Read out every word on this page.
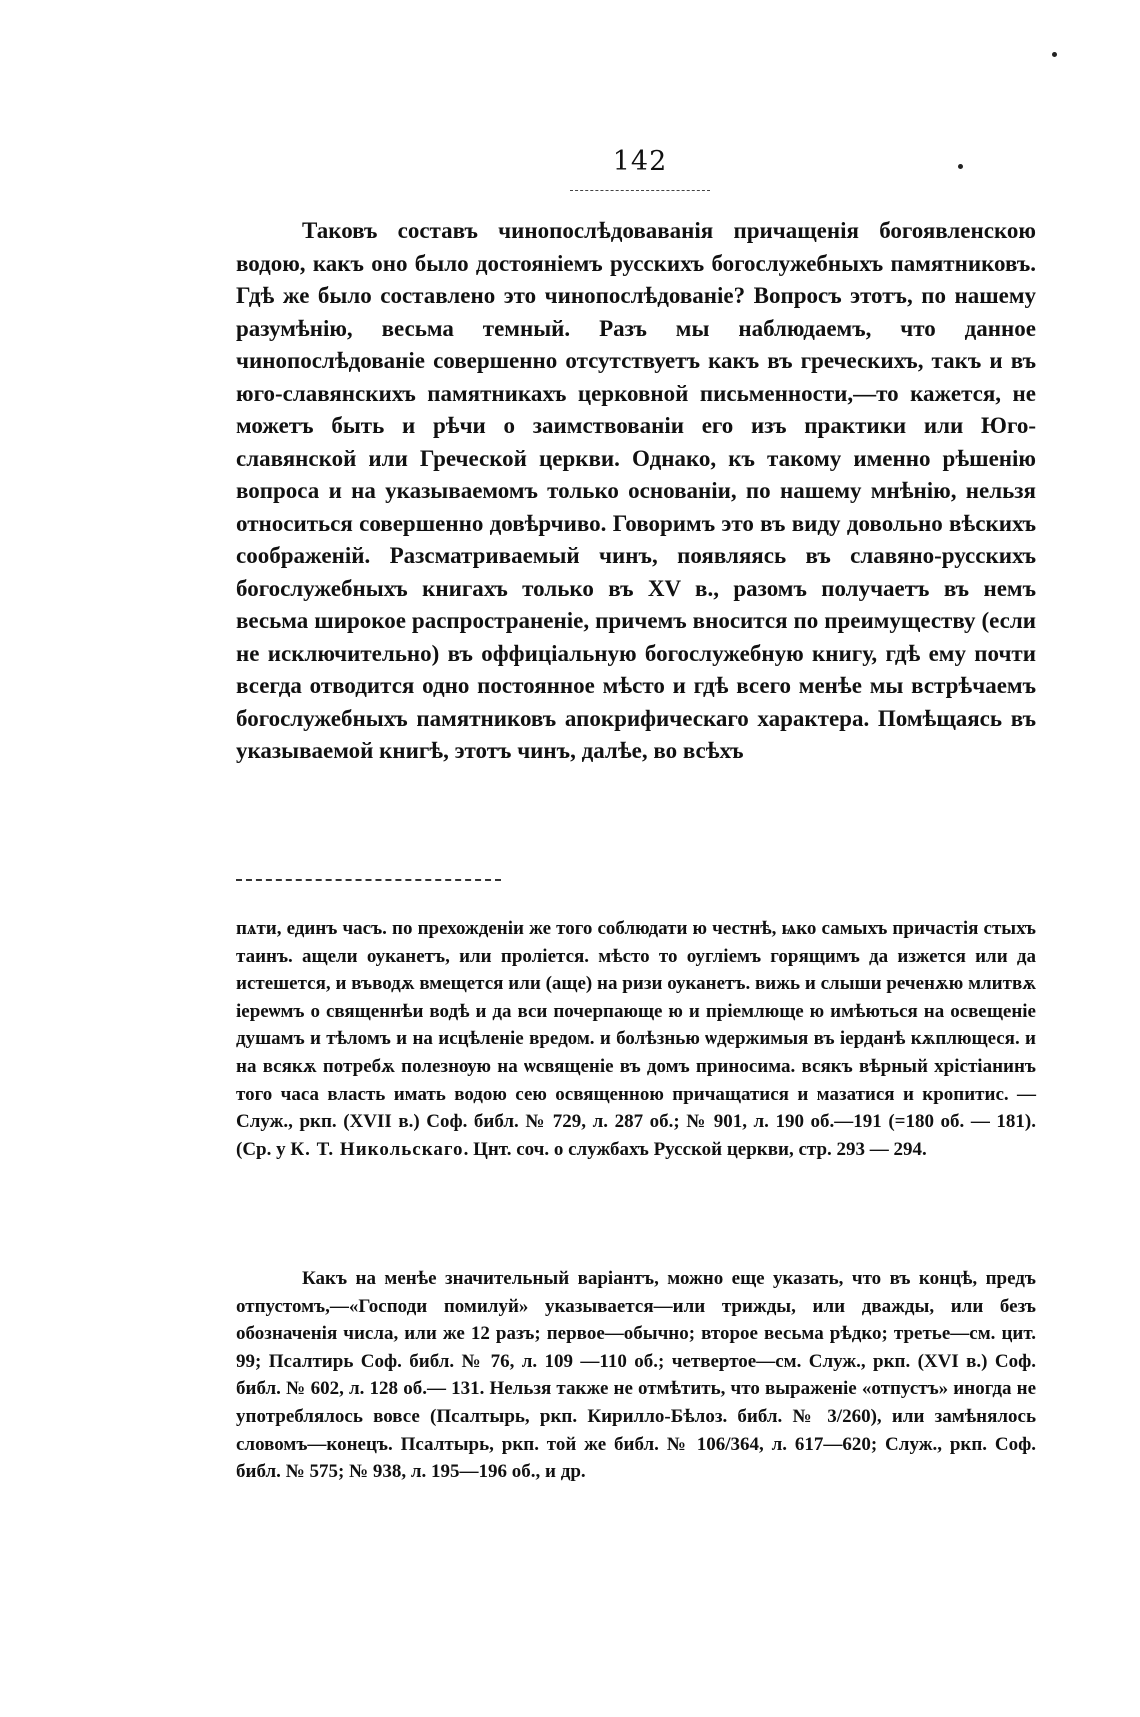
142

Таковъ составъ чинопослѣдовaванія причащенія богоявленскою водою, какъ оно было достояніемъ русскихъ богослужебныхъ памятниковъ. Гдѣ же было составлено это чинопослѣдованіе? Вопросъ этотъ, по нашему разумѣнію, весьма темный. Разъ мы наблюдаемъ, что данное чинопослѣдованіе совершенно отсутствуетъ какъ въ греческихъ, такъ и въ юго-славянскихъ памятникахъ церковной письменности,—то кажется, не можетъ быть и рѣчи о заимствованіи его изъ практики или Юго-славянской или Греческой церкви. Однако, къ такому именно рѣшенію вопроса и на указываемомъ только основаніи, по нашему мнѣнію, нельзя относиться совершенно довѣрчиво. Говоримъ это въ виду довольно вѣскихъ соображеній. Разсматриваемый чинъ, появляясь въ славяно-русскихъ богослужебныхъ книгахъ только въ XV в., разомъ получаетъ въ немъ весьма широкое распространеніе, причемъ вносится по преимуществу (если не исключительно) въ оффиціальную богослужебную книгу, гдѣ ему почти всегда отводится одно постоянное мѣсто и гдѣ всего менѣе мы встрѣчаемъ богослужебныхъ памятниковъ апокрифическаго характера. Помѣщаясь въ указываемой книгѣ, этотъ чинъ, далѣе, во всѣхъ

пѧти, единъ часъ. по прехожденіи же того соблюдати ю честнѣ, ѩко самыхъ причастія стыхъ таинъ. ащели оуканетъ, или пролiется. мѣсто то оуглiемъ горящимъ да изжется или да истешется, и въводѫ вмещется или (аще) на ризи оуканетъ. вижь и слыши реченѫю млитвѫ iереѡмъ о священнѣи водѣ и да вси почерпающе ю и прiемлюще ю имѣються на освещенiе душамъ и тѣломъ и на исцѣленiе вредом. и болѣзнью ѡдержимыя въ iерданѣ кѫплющеся. и на всякѫ потребѫ полезнѹю на ѡсвященiе въ домъ приносима. всякъ вѣрный хрiстiанинъ того часа власть имать водою сею освященною причащатися и мазатися и кропитис. — Служ., ркп. (XVII в.) Соф. библ. № 729, л. 287 об.; № 901, л. 190 об.—191 (=180 об. — 181). (Ср. у К. Т. Никольскаго. Цнт. соч. о службахъ Русской церкви, стр. 293 — 294.

Какъ на менѣе значительный варіантъ, можно еще указать, что въ концѣ, предъ отпустомъ,—«Господи помилуй» указывается—или трижды, или дважды, или безъ обозначенія числа, или же 12 разъ; первое—обычно; второе весьма рѣдко; третье—см. цит. 99; Псалтирь Соф. библ. № 76, л. 109 —110 об.; четвертое—см. Служ., ркп. (XVI в.) Соф. библ. № 602, л. 128 об.— 131. Нельзя также не отмѣтить, что выраженіе «отпустъ» иногда не употреблялось вовсе (Псалтырь, ркп. Кирилло-Бѣлоз. библ. № 3/260), или замѣнялось словомъ—конецъ. Псалтырь, ркп. той же библ. № 106/364, л. 617—620; Служ., ркп. Соф. библ. № 575; № 938, л. 195—196 об., и др.
